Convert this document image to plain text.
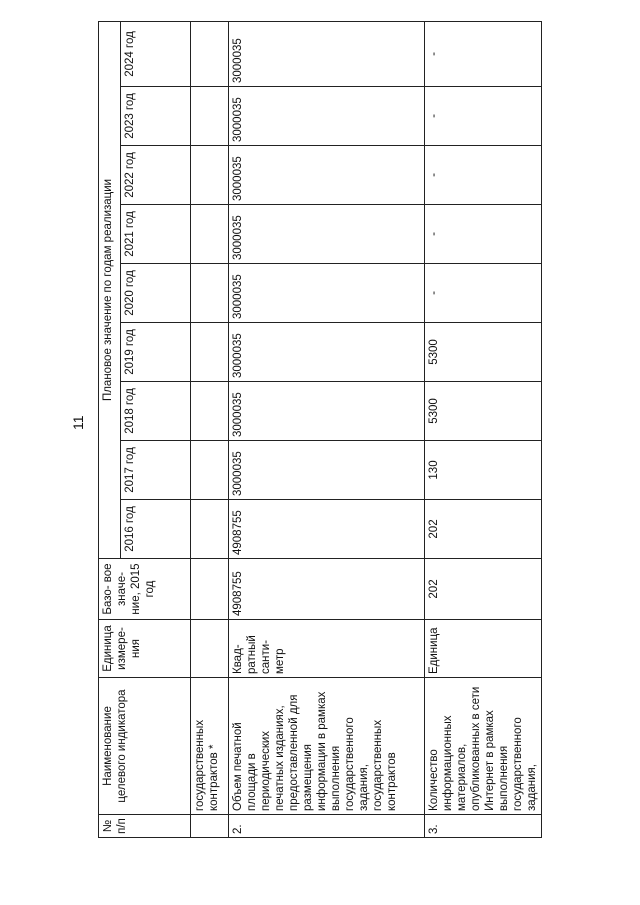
11
№ п/п	Наименование целевого индикатора	Единица измере- ния	Базо- вое значе- ние, 2015 год	Плановое значение по годам реализации								
				2016 год	2017 год	2018 год	2019 год	2020 год	2021 год	2022 год	2023 год	2024 год
	государственных контрактов *											
2.	Объем печатной площади в периодических печатных изданиях, предоставленной для размещения информации в рамках выполнения государственного задания, государственных контрактов	Квад- ратный санти- метр	4908755	4908755	3000035	3000035	3000035	3000035	3000035	3000035	3000035	3000035
3.	Количество информационных материалов, опубликованных в сети Интернет в рамках выполнения государственного задания,	Единица	202	202	130	5300	5300	-	-	-	-	-
